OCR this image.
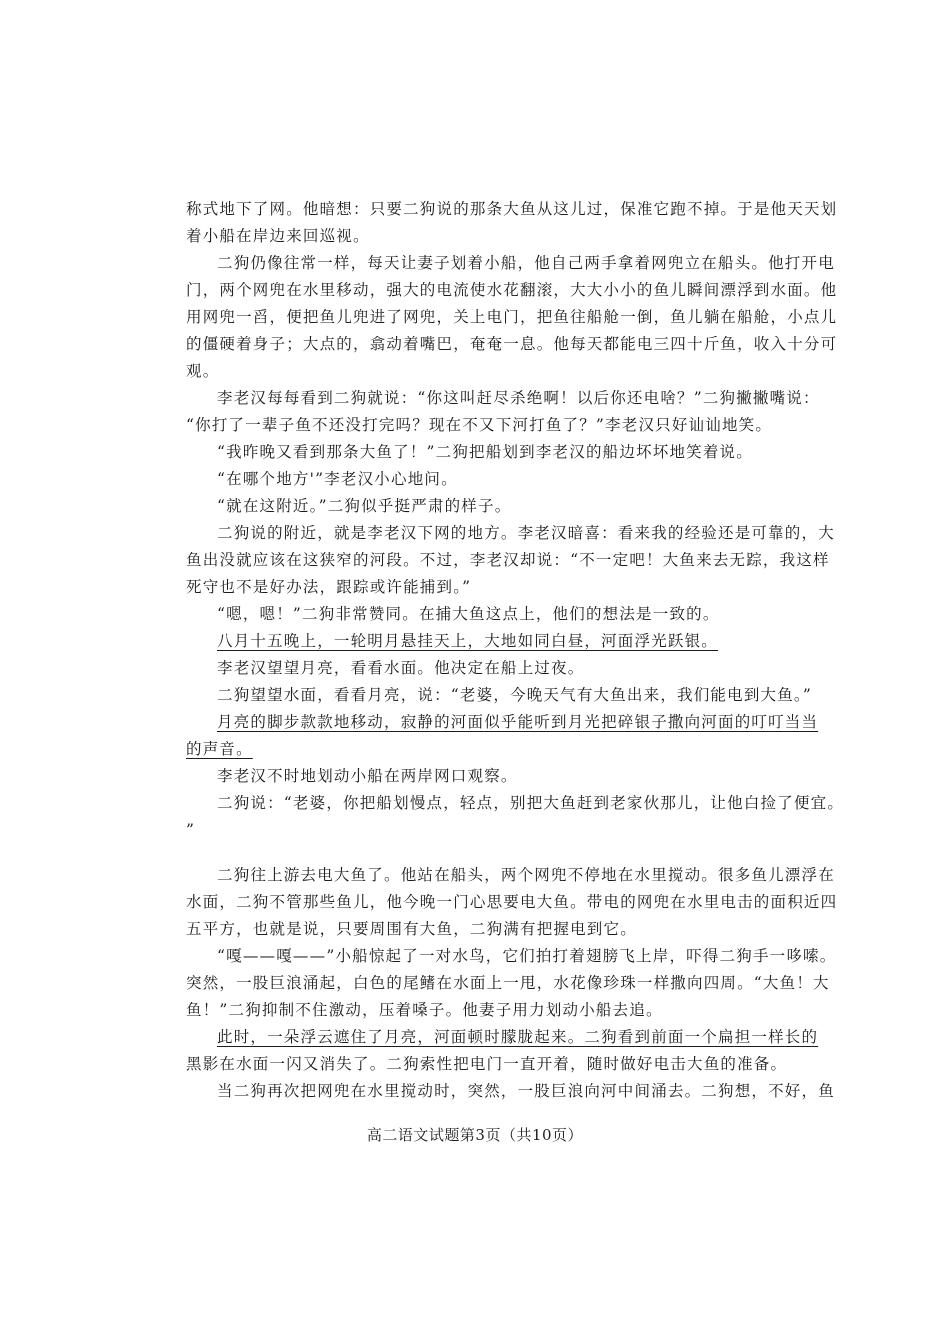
称式地下了网。他暗想：只要二狗说的那条大鱼从这儿过，保准它跑不掉。于是他天天划
着小船在岸边来回巡视。
二狗仍像往常一样，每天让妻子划着小船，他自己两手拿着网兜立在船头。他打开电
门，两个网兜在水里移动，强大的电流使水花翻滚，大大小小的鱼儿瞬间漂浮到水面。他
用网兜一舀，便把鱼儿兜进了网兜，关上电门，把鱼往船舱一倒，鱼儿躺在船舱，小点儿
的僵硬着身子；大点的，翕动着嘴巴，奄奄一息。他每天都能电三四十斤鱼，收入十分可
观。
李老汉每每看到二狗就说：“你这叫赶尽杀绝啊！以后你还电啥？”二狗撇撇嘴说：
“你打了一辈子鱼不还没打完吗？现在不又下河打鱼了？”李老汉只好讪讪地笑。
“我昨晚又看到那条大鱼了！”二狗把船划到李老汉的船边坏坏地笑着说。
“在哪个地方'”李老汉小心地问。
“就在这附近。”二狗似乎挺严肃的样子。
二狗说的附近，就是李老汉下网的地方。李老汉暗喜：看来我的经验还是可靠的，大
鱼出没就应该在这狭窄的河段。不过，李老汉却说：“不一定吧！大鱼来去无踪，我这样
死守也不是好办法，跟踪或许能捕到。”
“嗯，嗯！”二狗非常赞同。在捕大鱼这点上，他们的想法是一致的。
八月十五晚上，一轮明月悬挂天上，大地如同白昼，河面浮光跃银。
李老汉望望月亮，看看水面。他决定在船上过夜。
二狗望望水面，看看月亮，说：“老婆，今晚天气有大鱼出来，我们能电到大鱼。”
月亮的脚步款款地移动，寂静的河面似乎能听到月光把碎银子撒向河面的叮叮当当
的声音。
李老汉不时地划动小船在两岸网口观察。
二狗说：“老婆，你把船划慢点，轻点，别把大鱼赶到老家伙那儿，让他白捡了便宜。
”
二狗往上游去电大鱼了。他站在船头，两个网兜不停地在水里搅动。很多鱼儿漂浮在
水面，二狗不管那些鱼儿，他今晚一门心思要电大鱼。带电的网兜在水里电击的面积近四
五平方，也就是说，只要周围有大鱼，二狗满有把握电到它。
“嘎——嘎——”小船惊起了一对水鸟，它们拍打着翅膀飞上岸，吓得二狗手一哆嗦。
突然，一股巨浪涌起，白色的尾鳍在水面上一甩，水花像珍珠一样撒向四周。“大鱼！大
鱼！”二狗抑制不住激动，压着嗓子。他妻子用力划动小船去追。
此时，一朵浮云遮住了月亮，河面顿时朦胧起来。二狗看到前面一个扁担一样长的
黑影在水面一闪又消失了。二狗索性把电门一直开着，随时做好电击大鱼的准备。
当二狗再次把网兜在水里搅动时，突然，一股巨浪向河中间涌去。二狗想，不好，鱼
高二语文试题第3页（共10页）
